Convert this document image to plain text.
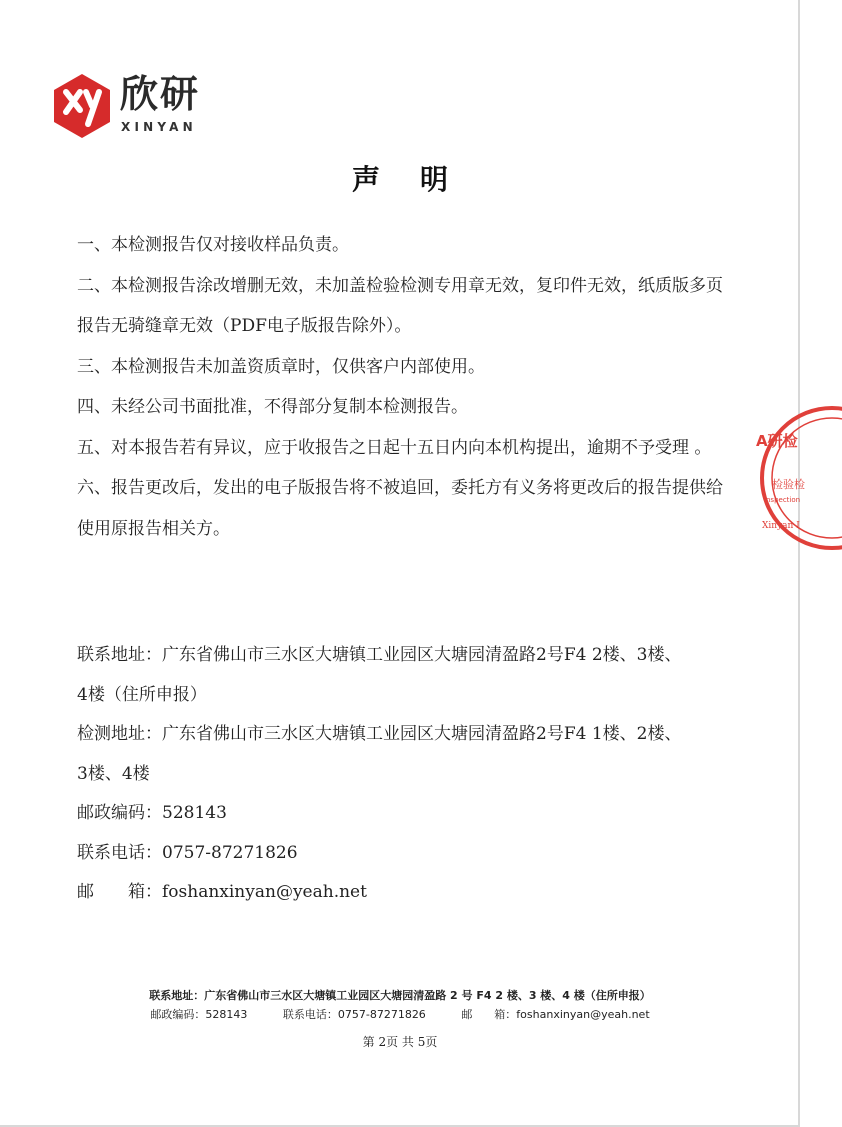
欣研
XINYAN
声明

一、本检测报告仅对接收样品负责。

二、本检测报告涂改增删无效，未加盖检验检测专用章无效，复印件无效，纸质版多页报告无骑缝章无效（PDF电子版报告除外）。

三、本检测报告未加盖资质章时，仅供客户内部使用。

四、未经公司书面批准，不得部分复制本检测报告。

五、对本报告若有异议，应于收报告之日起十五日内向本机构提出，逾期不予受理 。

六、报告更改后，发出的电子版报告将不被追回，委托方有义务将更改后的报告提供给使用原报告相关方。

联系地址：广东省佛山市三水区大塘镇工业园区大塘园清盈路2号F4 2楼、3楼、

4楼（住所申报）

检测地址：广东省佛山市三水区大塘镇工业园区大塘园清盈路2号F4 1楼、2楼、

3楼、4楼

邮政编码：528143

联系电话：0757-87271826

邮　　箱：foshanxinyan@yeah.net

A研检
检验检
nspection
Xinyan I
联系地址：广东省佛山市三水区大塘镇工业园区大塘园清盈路 2 号 F4 2 楼、3 楼、4 楼（住所申报）
邮政编码：528143	联系电话：0757-87271826	邮　　箱：foshanxinyan@yeah.net
第 2页 共 5页
